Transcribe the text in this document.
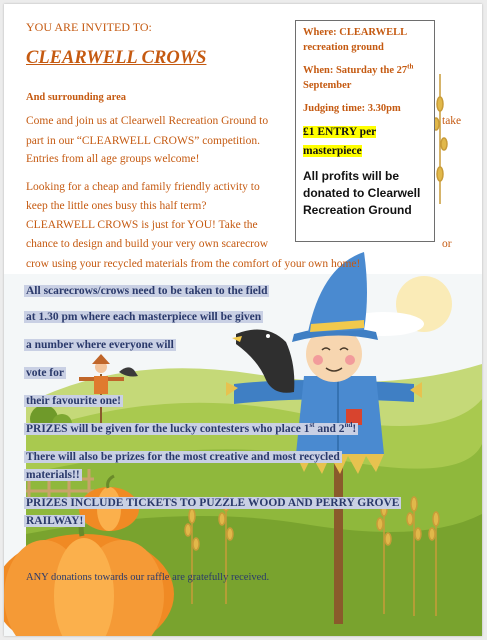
YOU ARE INVITED TO:
CLEARWELL CROWS
And surrounding area
Come and join us at Clearwell Recreation Ground to	take
part in our “CLEARWELL CROWS” competition.
Entries from all age groups welcome!
Looking for a cheap and family friendly activity to
keep the little ones busy this half term?
CLEARWELL CROWS is just for YOU! Take the
chance to design and build your very own scarecrow	or
crow using your recycled materials from the comfort of your own home!
Where: CLEARWELL
recreation ground
When: Saturday the 27th
September
Judging time: 3.30pm
£1 ENTRY per
masterpiece
All profits will be
donated to Clearwell
Recreation Ground
All scarecrows/crows need to be taken to the field
at 1.30 pm where each masterpiece will be given
a number where everyone will
vote for
their favourite one!
PRIZES will be given for the lucky contesters who place 1st and 2nd!
There will also be prizes for the most creative and most recycled
materials!!
PRIZES INCLUDE TICKETS TO PUZZLE WOOD AND PERRY GROVE
RAILWAY!
ANY donations towards our raffle are gratefully received.
